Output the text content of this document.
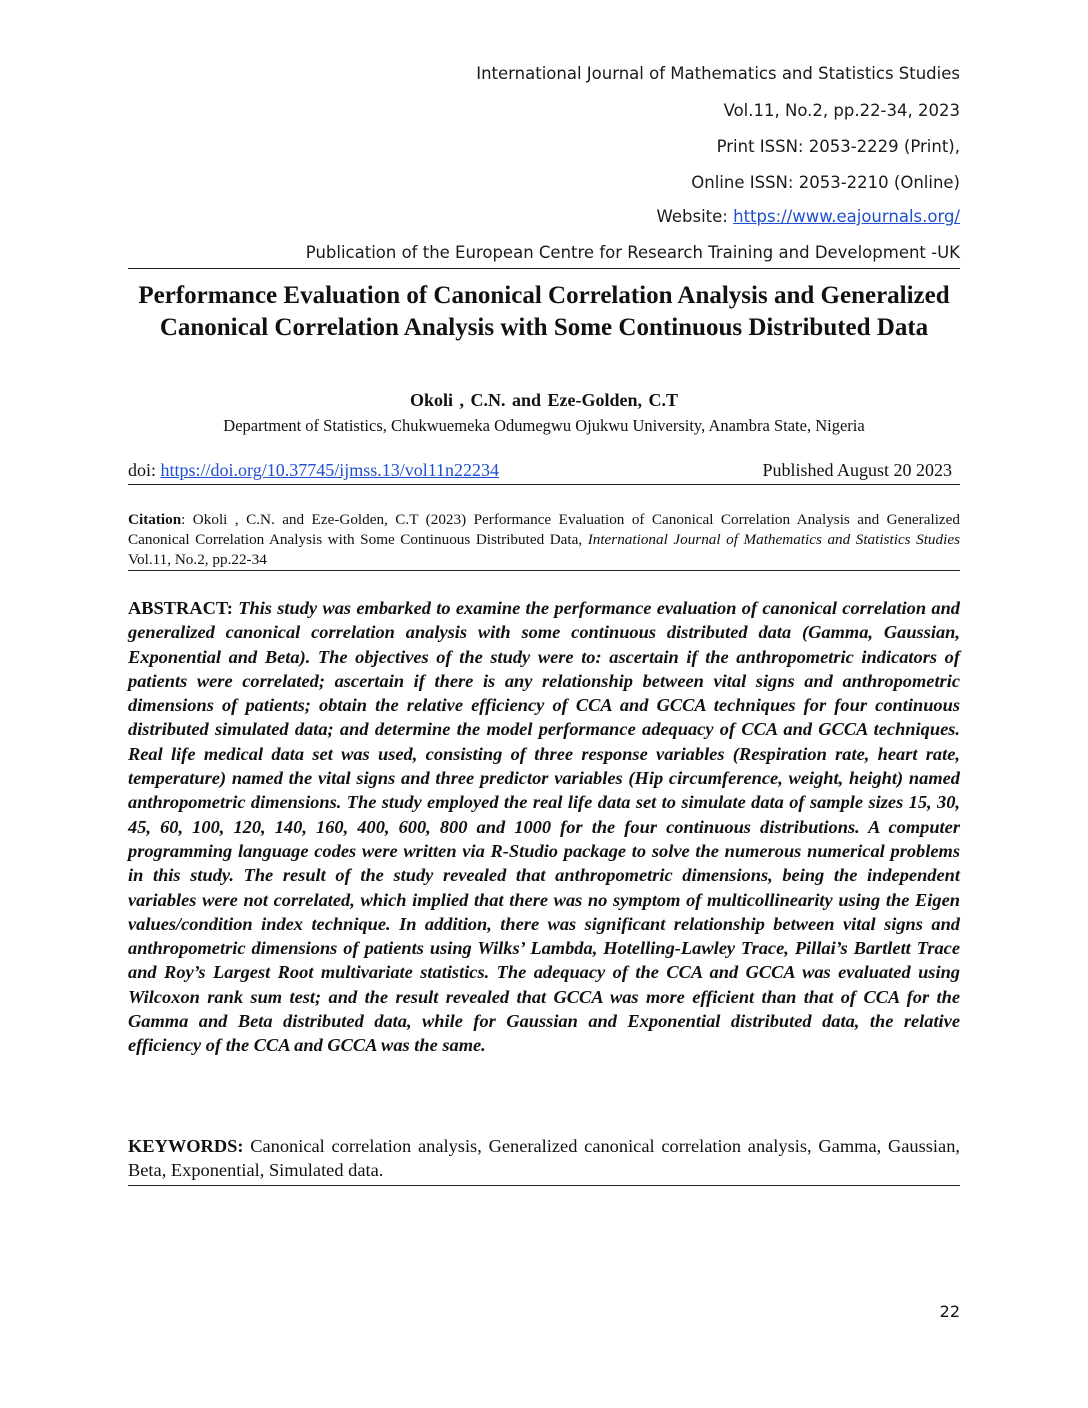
International Journal of Mathematics and Statistics Studies
Vol.11, No.2, pp.22-34, 2023
Print ISSN: 2053-2229 (Print),
Online ISSN: 2053-2210 (Online)
Website: https://www.eajournals.org/
Publication of the European Centre for Research Training and Development -UK
Performance Evaluation of Canonical Correlation Analysis and Generalized Canonical Correlation Analysis with Some Continuous Distributed Data
Okoli , C.N. and Eze-Golden, C.T
Department of Statistics, Chukwuemeka Odumegwu Ojukwu University, Anambra State, Nigeria
doi: https://doi.org/10.37745/ijmss.13/vol11n22234	Published August 20 2023
Citation: Okoli , C.N. and Eze-Golden, C.T (2023) Performance Evaluation of Canonical Correlation Analysis and Generalized Canonical Correlation Analysis with Some Continuous Distributed Data, International Journal of Mathematics and Statistics Studies Vol.11, No.2, pp.22-34
ABSTRACT: This study was embarked to examine the performance evaluation of canonical correlation and generalized canonical correlation analysis with some continuous distributed data (Gamma, Gaussian, Exponential and Beta). The objectives of the study were to: ascertain if the anthropometric indicators of patients were correlated; ascertain if there is any relationship between vital signs and anthropometric dimensions of patients; obtain the relative efficiency of CCA and GCCA techniques for four continuous distributed simulated data; and determine the model performance adequacy of CCA and GCCA techniques. Real life medical data set was used, consisting of three response variables (Respiration rate, heart rate, temperature) named the vital signs and three predictor variables (Hip circumference, weight, height) named anthropometric dimensions. The study employed the real life data set to simulate data of sample sizes 15, 30, 45, 60, 100, 120, 140, 160, 400, 600, 800 and 1000 for the four continuous distributions. A computer programming language codes were written via R-Studio package to solve the numerous numerical problems in this study. The result of the study revealed that anthropometric dimensions, being the independent variables were not correlated, which implied that there was no symptom of multicollinearity using the Eigen values/condition index technique. In addition, there was significant relationship between vital signs and anthropometric dimensions of patients using Wilks’ Lambda, Hotelling-Lawley Trace, Pillai’s Bartlett Trace and Roy’s Largest Root multivariate statistics. The adequacy of the CCA and GCCA was evaluated using Wilcoxon rank sum test; and the result revealed that GCCA was more efficient than that of CCA for the Gamma and Beta distributed data, while for Gaussian and Exponential distributed data, the relative efficiency of the CCA and GCCA was the same.
KEYWORDS: Canonical correlation analysis, Generalized canonical correlation analysis, Gamma, Gaussian, Beta, Exponential, Simulated data.
22
